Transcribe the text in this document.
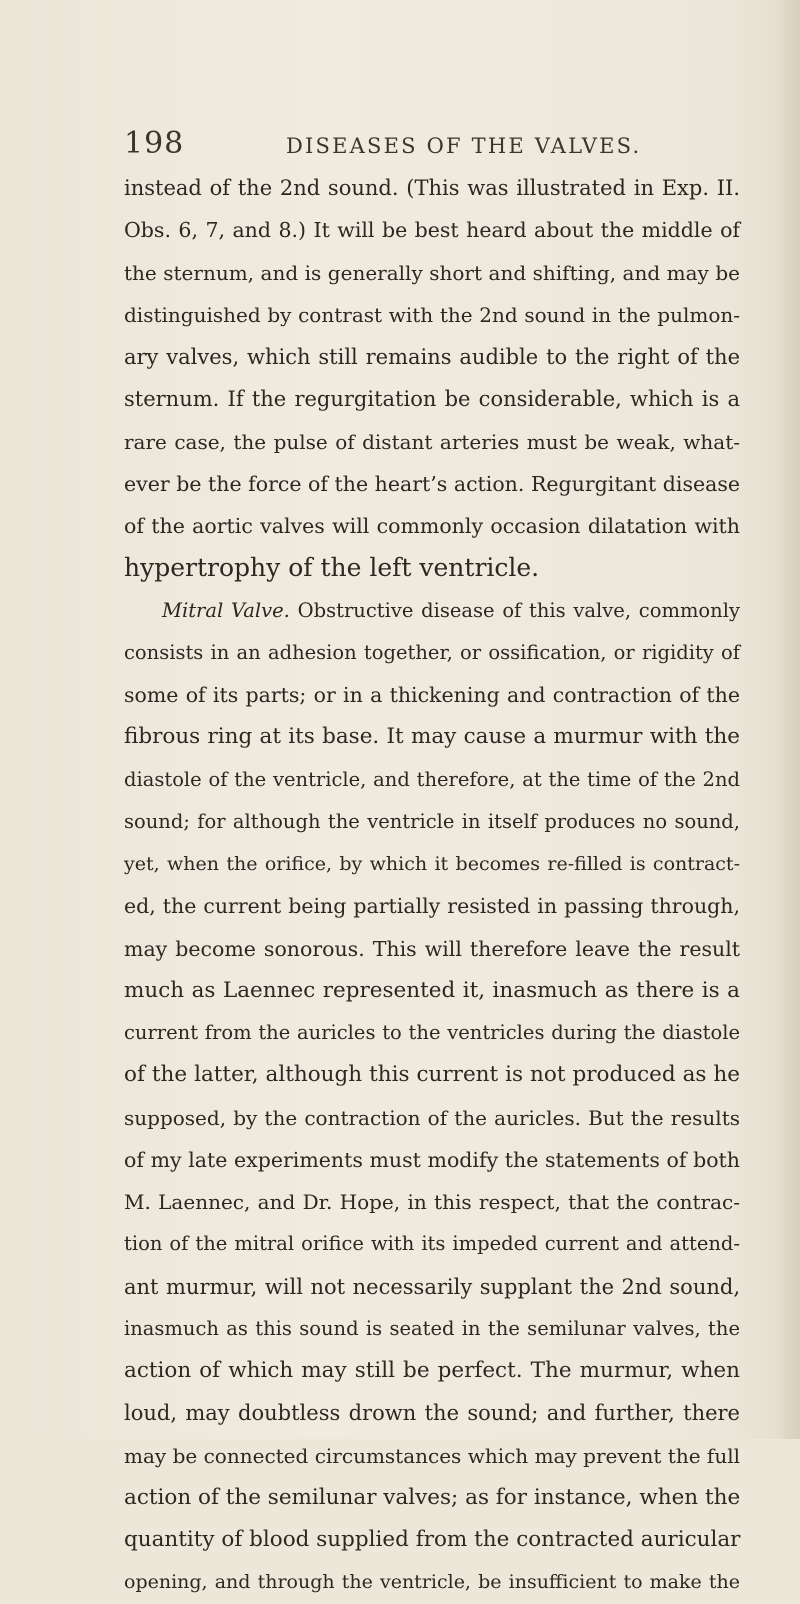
198	DISEASES OF THE VALVES.
instead of the 2nd sound. (This was illustrated in Exp. II.
Obs. 6, 7, and 8.) It will be best heard about the middle of
the sternum, and is generally short and shifting, and may be
distinguished by contrast with the 2nd sound in the pulmon-
ary valves, which still remains audible to the right of the
sternum. If the regurgitation be considerable, which is a
rare case, the pulse of distant arteries must be weak, what-
ever be the force of the heart’s action. Regurgitant disease
of the aortic valves will commonly occasion dilatation with
hypertrophy of the left ventricle.
Mitral Valve. Obstructive disease of this valve, commonly
consists in an adhesion together, or ossification, or rigidity of
some of its parts; or in a thickening and contraction of the
fibrous ring at its base. It may cause a murmur with the
diastole of the ventricle, and therefore, at the time of the 2nd
sound; for although the ventricle in itself produces no sound,
yet, when the orifice, by which it becomes re-filled is contract-
ed, the current being partially resisted in passing through,
may become sonorous. This will therefore leave the result
much as Laennec represented it, inasmuch as there is a
current from the auricles to the ventricles during the diastole
of the latter, although this current is not produced as he
supposed, by the contraction of the auricles. But the results
of my late experiments must modify the statements of both
M. Laennec, and Dr. Hope, in this respect, that the contrac-
tion of the mitral orifice with its impeded current and attend-
ant murmur, will not necessarily supplant the 2nd sound,
inasmuch as this sound is seated in the semilunar valves, the
action of which may still be perfect. The murmur, when
loud, may doubtless drown the sound; and further, there
may be connected circumstances which may prevent the full
action of the semilunar valves; as for instance, when the
quantity of blood supplied from the contracted auricular
opening, and through the ventricle, be insufficient to make the
